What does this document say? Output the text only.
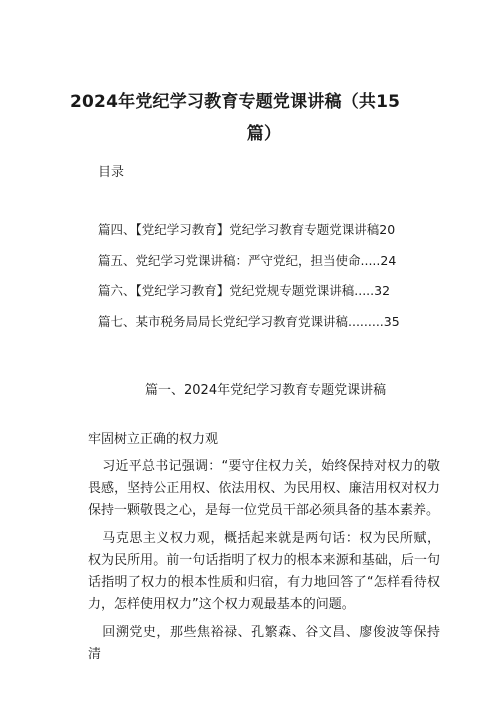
2024年党纪学习教育专题党课讲稿（共15
篇）
目录
篇四、【党纪学习教育】党纪学习教育专题党课讲稿20
篇五、党纪学习党课讲稿：严守党纪，担当使命.....24
篇六、【党纪学习教育】党纪党规专题党课讲稿.....32
篇七、某市税务局局长党纪学习教育党课讲稿.........35
篇一、2024年党纪学习教育专题党课讲稿

牢固树立正确的权力观

习近平总书记强调：“要守住权力关，始终保持对权力的敬畏感，坚持公正用权、依法用权、为民用权、廉洁用权对权力保持一颗敬畏之心，是每一位党员干部必须具备的基本素养。

马克思主义权力观，概括起来就是两句话：权为民所赋，权为民所用。前一句话指明了权力的根本来源和基础，后一句话指明了权力的根本性质和归宿，有力地回答了“怎样看待权力，怎样使用权力”这个权力观最基本的问题。

回溯党史，那些焦裕禄、孔繁森、谷文昌、廖俊波等保持清
